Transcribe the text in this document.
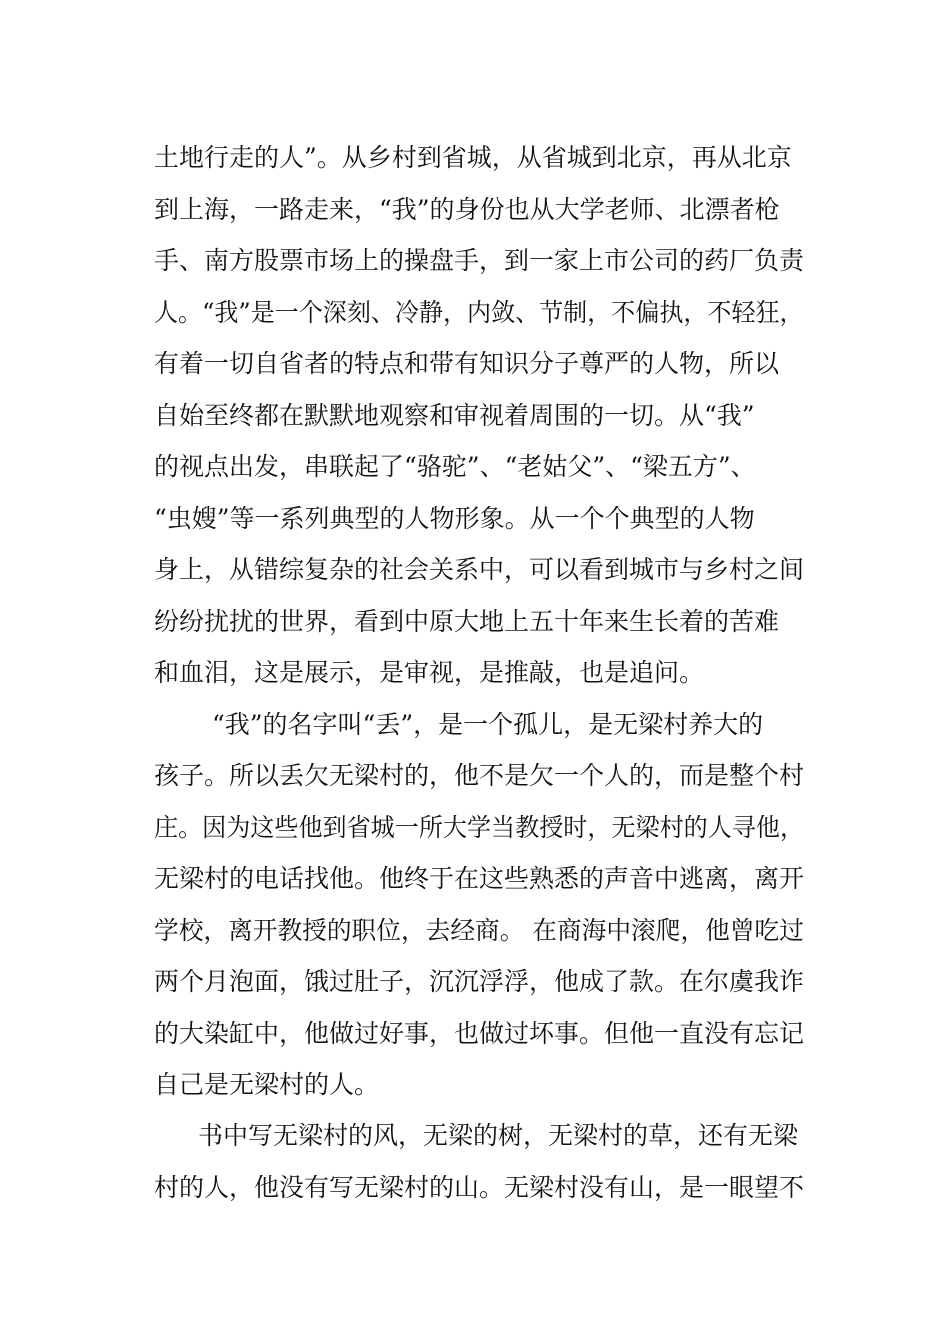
土地行走的人”。从乡村到省城，从省城到北京，再从北京
到上海，一路走来，“我”的身份也从大学老师、北漂者枪
手、南方股票市场上的操盘手，到一家上市公司的药厂负责
人。“我”是一个深刻、冷静，内敛、节制，不偏执，不轻狂，
有着一切自省者的特点和带有知识分子尊严的人物，所以
自始至终都在默默地观察和审视着周围的一切。从“我”
的视点出发，串联起了“骆驼”、“老姑父”、“梁五方”、
“虫嫂”等一系列典型的人物形象。从一个个典型的人物
身上，从错综复杂的社会关系中，可以看到城市与乡村之间
纷纷扰扰的世界，看到中原大地上五十年来生长着的苦难
和血泪，这是展示，是审视，是推敲，也是追问。
“我”的名字叫“丢”，是一个孤儿，是无梁村养大的
孩子。所以丢欠无梁村的，他不是欠一个人的，而是整个村
庄。因为这些他到省城一所大学当教授时，无梁村的人寻他，
无梁村的电话找他。他终于在这些熟悉的声音中逃离，离开
学校，离开教授的职位，去经商。 在商海中滚爬，他曾吃过
两个月泡面，饿过肚子，沉沉浮浮，他成了款。在尔虞我诈
的大染缸中，他做过好事，也做过坏事。但他一直没有忘记
自己是无梁村的人。
书中写无梁村的风，无梁的树，无梁村的草，还有无梁
村的人，他没有写无梁村的山。无梁村没有山，是一眼望不
